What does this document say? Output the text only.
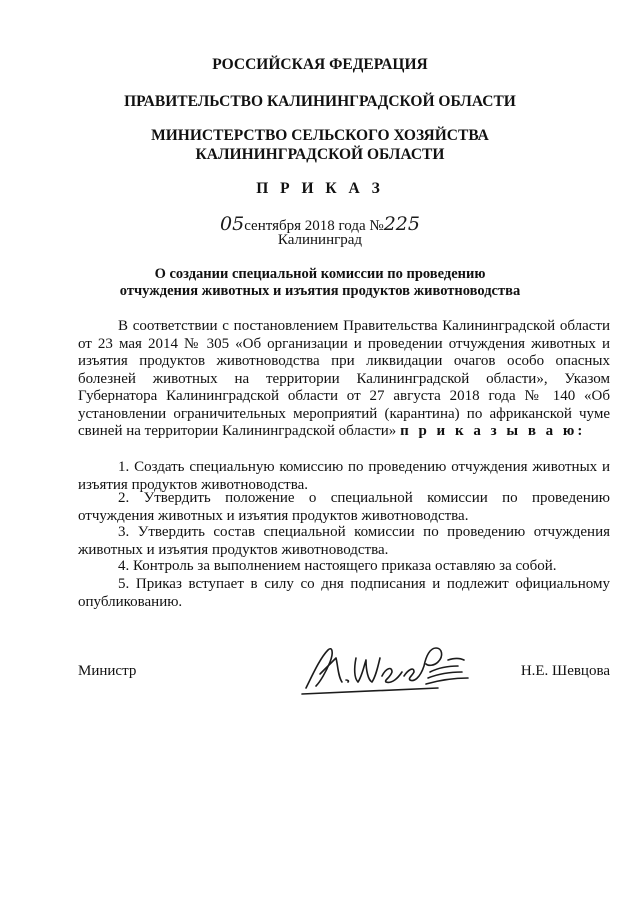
РОССИЙСКАЯ ФЕДЕРАЦИЯ
ПРАВИТЕЛЬСТВО КАЛИНИНГРАДСКОЙ ОБЛАСТИ
МИНИСТЕРСТВО СЕЛЬСКОГО ХОЗЯЙСТВА
КАЛИНИНГРАДСКОЙ ОБЛАСТИ
П Р И К А З
05сентября 2018 года №225
Калининград
О создании специальной комиссии по проведению
отчуждения животных и изъятия продуктов животноводства
В соответствии с постановлением Правительства Калининградской области от 23 мая 2014 № 305 «Об организации и проведении отчуждения животных и изъятия продуктов животноводства при ликвидации очагов особо опасных болезней животных на территории Калининградской области», Указом Губернатора Калининградской области от 27 августа 2018 года № 140 «Об установлении ограничительных мероприятий (карантина) по африканской чуме свиней на территории Калининградской области» п р и к а з ы в а ю:
1. Создать специальную комиссию по проведению отчуждения животных и изъятия продуктов животноводства.
2. Утвердить положение о специальной комиссии по проведению отчуждения животных и изъятия продуктов животноводства.
3. Утвердить состав специальной комиссии по проведению отчуждения животных и изъятия продуктов животноводства.
4. Контроль за выполнением настоящего приказа оставляю за собой.
5. Приказ вступает в силу со дня подписания и подлежит официальному опубликованию.
Министр	Н.Е. Шевцова
